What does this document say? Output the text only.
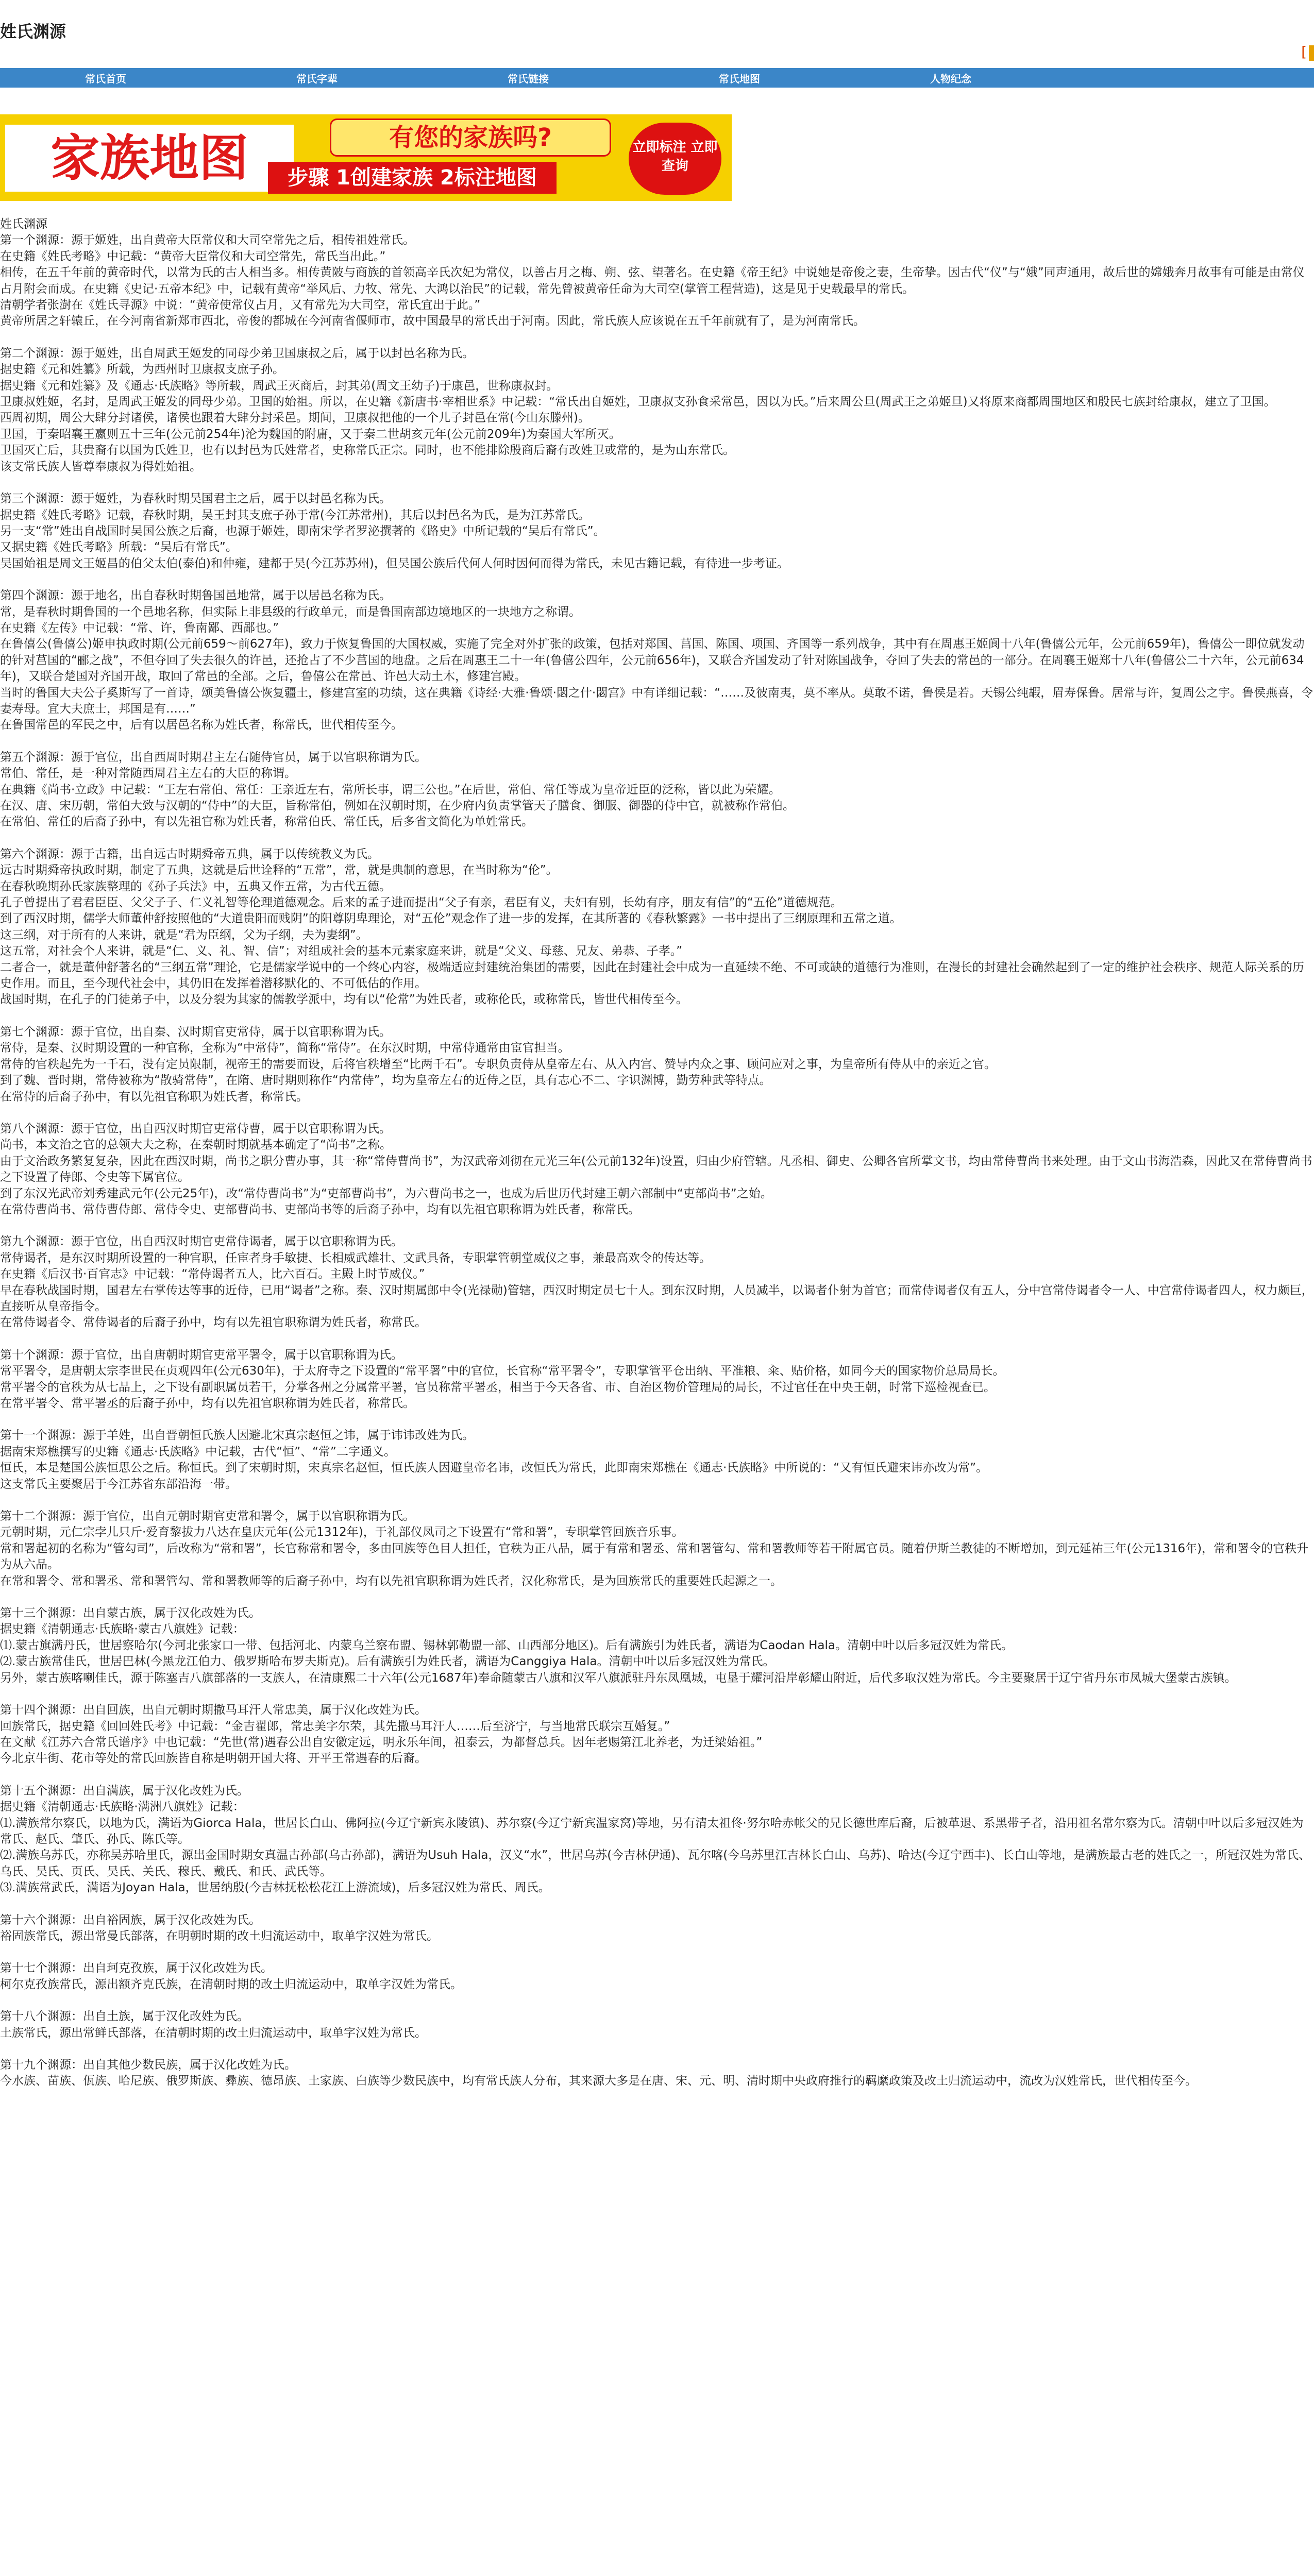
姓氏渊源
[
常氏首页	常氏字辈	常氏链接	常氏地图	人物纪念
家族地图	有您的家族吗?
步骤 1创建家族 2标注地图
立即标注 立即查询

姓氏渊源

第一个渊源：源于姬姓，出自黄帝大臣常仪和大司空常先之后，相传祖姓常氏。

在史籍《姓氏考略》中记载：“黄帝大臣常仪和大司空常先，常氏当出此。”

相传，在五千年前的黄帝时代，以常为氏的古人相当多。相传黄陂与商族的首领高辛氏次妃为常仪，以善占月之梅、朔、弦、望著名。在史籍《帝王纪》中说她是帝俊之妻，生帝挚。因古代“仪”与“娥”同声通用，故后世的嫦娥奔月故事有可能是由常仪占月附会而成。在史籍《史记·五帝本纪》中，记载有黄帝“举风后、力牧、常先、大鸿以治民”的记载，常先曾被黄帝任命为大司空(掌管工程营造)，这是见于史载最早的常氏。

清朝学者张澍在《姓氏寻源》中说：“黄帝使常仪占月，又有常先为大司空，常氏宜出于此。”

黄帝所居之轩辕丘，在今河南省新郑市西北，帝俊的都城在今河南省偃师市，故中国最早的常氏出于河南。因此，常氏族人应该说在五千年前就有了，是为河南常氏。

第二个渊源：源于姬姓，出自周武王姬发的同母少弟卫国康叔之后，属于以封邑名称为氏。

据史籍《元和姓纂》所载，为西州时卫康叔支庶子孙。

据史籍《元和姓纂》及《通志·氏族略》等所载，周武王灭商后，封其弟(周文王幼子)于康邑，世称康叔封。

卫康叔姓姬，名封，是周武王姬发的同母少弟。卫国的始祖。所以，在史籍《新唐书·宰相世系》中记载：“常氏出自姬姓，卫康叔支孙食采常邑，因以为氏。”后来周公旦(周武王之弟姬旦)又将原来商都周围地区和殷民七族封给康叔，建立了卫国。

西周初期，周公大肆分封诸侯，诸侯也跟着大肆分封采邑。期间，卫康叔把他的一个儿子封邑在常(今山东滕州)。

卫国，于秦昭襄王嬴则五十三年(公元前254年)沦为魏国的附庸，又于秦二世胡亥元年(公元前209年)为秦国大军所灭。

卫国灭亡后，其贵裔有以国为氏姓卫，也有以封邑为氏姓常者，史称常氏正宗。同时，也不能排除殷商后裔有改姓卫或常的，是为山东常氏。

该支常氏族人皆尊奉康叔为得姓始祖。

第三个渊源：源于姬姓，为春秋时期吴国君主之后，属于以封邑名称为氏。

据史籍《姓氏考略》记载，春秋时期，吴王封其支庶子孙于常(今江苏常州)，其后以封邑名为氏，是为江苏常氏。

另一支“常”姓出自战国时吴国公族之后裔，也源于姬姓，即南宋学者罗泌撰著的《路史》中所记载的“吴后有常氏”。

又据史籍《姓氏考略》所载：“吴后有常氏”。

吴国始祖是周文王姬昌的伯父太伯(泰伯)和仲雍，建都于吴(今江苏苏州)，但吴国公族后代何人何时因何而得为常氏，未见古籍记载，有待进一步考证。

第四个渊源：源于地名，出自春秋时期鲁国邑地常，属于以居邑名称为氏。

常，是春秋时期鲁国的一个邑地名称，但实际上非县级的行政单元，而是鲁国南部边境地区的一块地方之称谓。

在史籍《左传》中记载：“常、许，鲁南鄙、西鄙也。”

在鲁僖公(鲁僖公)姬申执政时期(公元前659～前627年)，致力于恢复鲁国的大国权威，实施了完全对外扩张的政策，包括对郑国、莒国、陈国、项国、齐国等一系列战争，其中有在周惠王姬阆十八年(鲁僖公元年，公元前659年)，鲁僖公一即位就发动的针对莒国的“郦之战”，不但夺回了失去很久的许邑，还抢占了不少莒国的地盘。之后在周惠王二十一年(鲁僖公四年，公元前656年)，又联合齐国发动了针对陈国战争，夺回了失去的常邑的一部分。在周襄王姬郑十八年(鲁僖公二十六年，公元前634年)，又联合楚国对齐国开战，取回了常邑的全部。之后，鲁僖公在常邑、许邑大动土木，修建宫殿。

当时的鲁国大夫公子奚斯写了一首诗，颂美鲁僖公恢复疆土，修建宫室的功绩，这在典籍《诗经·大雅·鲁颂·閟之什·閟宫》中有详细记载：“……及彼南夷，莫不率从。莫敢不诺，鲁侯是若。天锡公纯嘏，眉寿保鲁。居常与许，复周公之宇。鲁侯燕喜，令妻寿母。宜大夫庶士，邦国是有……”

在鲁国常邑的军民之中，后有以居邑名称为姓氏者，称常氏，世代相传至今。

第五个渊源：源于官位，出自西周时期君主左右随侍官员，属于以官职称谓为氏。

常伯、常任，是一种对常随西周君主左右的大臣的称谓。

在典籍《尚书·立政》中记载：“王左右常伯、常任：王亲近左右，常所长事，谓三公也。”在后世，常伯、常任等成为皇帝近臣的泛称，皆以此为荣耀。

在汉、唐、宋历朝，常伯大致与汉朝的“侍中”的大臣，旨称常伯，例如在汉朝时期，在少府内负责掌管天子膳食、御服、御器的侍中官，就被称作常伯。

在常伯、常任的后裔子孙中，有以先祖官称为姓氏者，称常伯氏、常任氏，后多省文简化为单姓常氏。

第六个渊源：源于古籍，出自远古时期舜帝五典，属于以传统教义为氏。

远古时期舜帝执政时期，制定了五典，这就是后世诠释的“五常”，常，就是典制的意思，在当时称为“伦”。

在春秋晚期孙氏家族整理的《孙子兵法》中，五典又作五常，为古代五德。

孔子曾提出了君君臣臣、父父子子、仁义礼智等伦理道德观念。后来的孟子进而提出“父子有亲，君臣有义，夫妇有别，长幼有序，朋友有信”的“五伦”道德规范。

到了西汉时期，儒学大师董仲舒按照他的“大道贵阳而贱阴”的阳尊阴卑理论，对“五伦”观念作了进一步的发挥，在其所著的《春秋繁露》一书中提出了三纲原理和五常之道。

这三纲，对于所有的人来讲，就是“君为臣纲，父为子纲，夫为妻纲”。

这五常，对社会个人来讲，就是“仁、义、礼、智、信”；对组成社会的基本元素家庭来讲，就是“父义、母慈、兄友、弟恭、子孝。”

二者合一，就是董仲舒著名的“三纲五常”理论，它是儒家学说中的一个终心内容，极端适应封建统治集团的需要，因此在封建社会中成为一直延续不绝、不可或缺的道德行为准则，在漫长的封建社会确然起到了一定的维护社会秩序、规范人际关系的历史作用。而且，至今现代社会中，其仍旧在发挥着潜移默化的、不可低估的作用。

战国时期，在孔子的门徒弟子中，以及分裂为其家的儒教学派中，均有以“伦常”为姓氏者，或称伦氏，或称常氏，皆世代相传至今。

第七个渊源：源于官位，出自秦、汉时期官吏常侍，属于以官职称谓为氏。

常侍，是秦、汉时期设置的一种官称，全称为“中常侍”，简称“常侍”。在东汉时期，中常侍通常由宦官担当。

常侍的官秩起先为一千石，没有定员限制，视帝王的需要而设，后将官秩增至“比两千石”。专职负责侍从皇帝左右、从入内宫、赞导内众之事、顾问应对之事，为皇帝所有侍从中的亲近之官。

到了魏、晋时期，常侍被称为“散骑常侍”，在隋、唐时期则称作“内常侍”，均为皇帝左右的近侍之臣，具有志心不二、字识渊博，勤劳种武等特点。

在常侍的后裔子孙中，有以先祖官称职为姓氏者，称常氏。

第八个渊源：源于官位，出自西汉时期官吏常侍曹，属于以官职称谓为氏。

尚书，本文治之官的总领大夫之称，在秦朝时期就基本确定了“尚书”之称。

由于文治政务繁复复杂，因此在西汉时期，尚书之职分曹办事，其一称“常侍曹尚书”，为汉武帝刘彻在元光三年(公元前132年)设置，归由少府管辖。凡丞相、御史、公卿各官所掌文书，均由常侍曹尚书来处理。由于文山书海浩森，因此又在常侍曹尚书之下设置了侍郎、令史等下属官位。

到了东汉光武帝刘秀建武元年(公元25年)，改“常侍曹尚书”为“吏部曹尚书”，为六曹尚书之一，也成为后世历代封建王朝六部制中“吏部尚书”之始。

在常侍曹尚书、常侍曹侍郎、常侍令史、吏部曹尚书、吏部尚书等的后裔子孙中，均有以先祖官职称谓为姓氏者，称常氏。

第九个渊源：源于官位，出自西汉时期官吏常侍谒者，属于以官职称谓为氏。

常侍谒者，是东汉时期所设置的一种官职，任宦者身手敏捷、长相威武雄壮、文武具备，专职掌管朝堂威仪之事，兼最高欢令的传达等。

在史籍《后汉书·百官志》中记载：“常侍谒者五人，比六百石。主殿上时节威仪。”

早在春秋战国时期，国君左右掌传达等事的近侍，已用“谒者”之称。秦、汉时期属郎中令(光禄勋)管辖，西汉时期定员七十人。到东汉时期，人员减半，以谒者仆射为首官；而常侍谒者仅有五人，分中宫常侍谒者令一人、中宫常侍谒者四人，权力颇巨，直接听从皇帝指令。

在常侍谒者令、常侍谒者的后裔子孙中，均有以先祖官职称谓为姓氏者，称常氏。

第十个渊源：源于官位，出自唐朝时期官吏常平署令，属于以官职称谓为氏。

常平署令，是唐朝太宗李世民在贞观四年(公元630年)，于太府寺之下设置的“常平署”中的官位，长官称“常平署令”，专职掌管平仓出纳、平准粮、籴、贴价格，如同今天的国家物价总局局长。

常平署令的官秩为从七品上，之下设有副职属员若干，分掌各州之分属常平署，官员称常平署丞，相当于今天各省、市、自治区物价管理局的局长，不过官任在中央王朝，时常下巡检视查已。

在常平署令、常平署丞的后裔子孙中，均有以先祖官职称谓为姓氏者，称常氏。

第十一个渊源：源于羊姓，出自晋朝恒氏族人因避北宋真宗赵恒之讳，属于讳讳改姓为氏。

据南宋郑樵撰写的史籍《通志·氏族略》中记载，古代“恒”、“常”二字通义。

恒氏，本是楚国公族恒思公之后。称恒氏。到了宋朝时期，宋真宗名赵恒，恒氏族人因避皇帝名讳，改恒氏为常氏，此即南宋郑樵在《通志·氏族略》中所说的：“又有恒氏避宋讳亦改为常”。

这支常氏主要聚居于今江苏省东部沿海一带。

第十二个渊源：源于官位，出自元朝时期官吏常和署令，属于以官职称谓为氏。

元朝时期，元仁宗孛儿只斤·爱育黎拔力八达在皇庆元年(公元1312年)，于礼部仪凤司之下设置有“常和署”，专职掌管回族音乐事。

常和署起初的名称为“管勾司”，后改称为“常和署”，长官称常和署令，多由回族等色目人担任，官秩为正八品，属于有常和署丞、常和署管勾、常和署教师等若干附属官员。随着伊斯兰教徒的不断增加，到元延祐三年(公元1316年)，常和署令的官秩升为从六品。

在常和署令、常和署丞、常和署管勾、常和署教师等的后裔子孙中，均有以先祖官职称谓为姓氏者，汉化称常氏，是为回族常氏的重要姓氏起源之一。

第十三个渊源：出自蒙古族，属于汉化改姓为氏。

据史籍《清朝通志·氏族略·蒙古八旗姓》记载：

⑴.蒙古旗满丹氏，世居察哈尔(今河北张家口一带、包括河北、内蒙乌兰察布盟、锡林郭勒盟一部、山西部分地区)。后有满族引为姓氏者，满语为Caodan Hala。清朝中叶以后多冠汉姓为常氏。

⑵.蒙古族常佳氏，世居巴林(今黑龙江伯力、俄罗斯哈布罗夫斯克)。后有满族引为姓氏者，满语为Canggiya Hala。清朝中叶以后多冠汉姓为常氏。

另外，蒙古族喀喇佳氏，源于陈塞吉八旗部落的一支族人，在清康熙二十六年(公元1687年)奉命随蒙古八旗和汉军八旗派驻丹东凤凰城，屯垦于耀河沿岸彰耀山附近，后代多取汉姓为常氏。今主要聚居于辽宁省丹东市凤城大堡蒙古族镇。

第十四个渊源：出自回族，出自元朝时期撒马耳汗人常忠美，属于汉化改姓为氏。

回族常氏，据史籍《回回姓氏考》中记载：“金吉翟郎，常忠美字尔荣，其先撒马耳汗人……后至济宁，与当地常氏联宗互婚复。”

在文献《江苏六合常氏谱序》中也记载：“先世(常)遇春公出自安徽定远，明永乐年间，祖泰云，为都督总兵。因年老赐第江北养老，为迁梁始祖。”

今北京牛街、花市等处的常氏回族皆自称是明朝开国大将、开平王常遇春的后裔。

第十五个渊源：出自满族，属于汉化改姓为氏。

据史籍《清朝通志·氏族略·满洲八旗姓》记载：

⑴.满族常尔察氏，以地为氏，满语为Giorca Hala，世居长白山、佛阿拉(今辽宁新宾永陵镇)、苏尔察(今辽宁新宾温家窝)等地，另有清太祖佟·努尔哈赤帐父的兄长德世库后裔，后被革退、系黑带子者，沿用祖名常尔察为氏。清朝中叶以后多冠汉姓为常氏、赵氏、肇氏、孙氏、陈氏等。

⑵.满族乌苏氏，亦称吴苏哈里氏，源出金国时期女真温古孙部(乌古孙部)，满语为Usuh Hala，汉义“水”，世居乌苏(今吉林伊通)、瓦尔喀(今乌苏里江吉林长白山、乌苏)、哈达(今辽宁西丰)、长白山等地，是满族最古老的姓氏之一，所冠汉姓为常氏、乌氏、吴氏、页氏、吴氏、关氏、穆氏、戴氏、和氏、武氏等。

⑶.满族常武氏，满语为Joyan Hala，世居纳殷(今吉林抚松松花江上游流域)，后多冠汉姓为常氏、周氏。

第十六个渊源：出自裕固族，属于汉化改姓为氏。

裕固族常氏，源出常曼氏部落，在明朝时期的改土归流运动中，取单字汉姓为常氏。

第十七个渊源：出自珂克孜族，属于汉化改姓为氏。

柯尔克孜族常氏，源出额齐克氏族，在清朝时期的改土归流运动中，取单字汉姓为常氏。

第十八个渊源：出自土族，属于汉化改姓为氏。

土族常氏，源出常鲜氏部落，在清朝时期的改土归流运动中，取单字汉姓为常氏。

第十九个渊源：出自其他少数民族，属于汉化改姓为氏。

今水族、苗族、佤族、哈尼族、俄罗斯族、彝族、德昂族、土家族、白族等少数民族中，均有常氏族人分布，其来源大多是在唐、宋、元、明、清时期中央政府推行的羁縻政策及改土归流运动中，流改为汉姓常氏，世代相传至今。
